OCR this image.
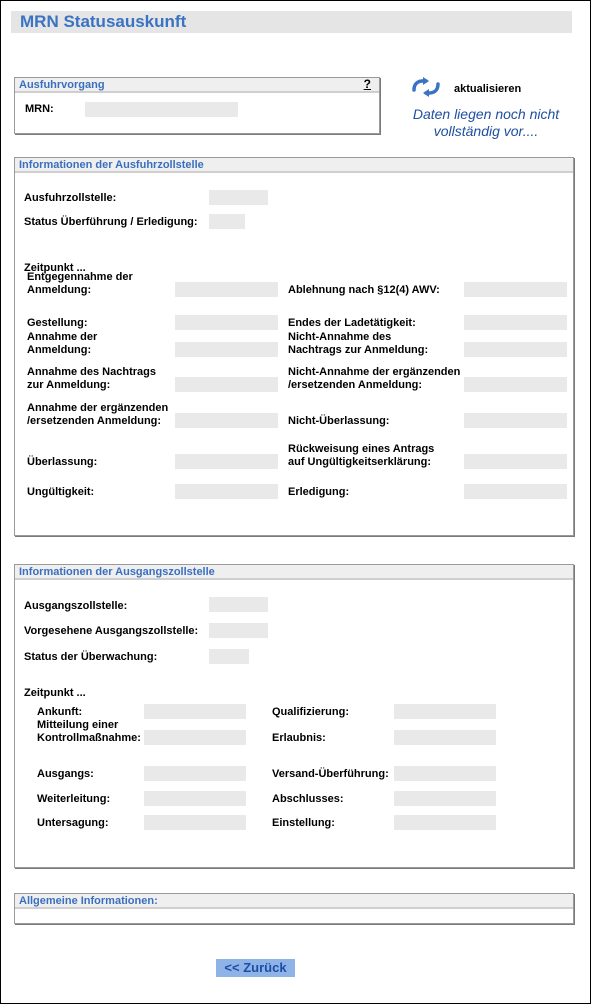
MRN Statusauskunft
Ausfuhrvorgang	?
MRN:
aktualisieren
Daten liegen noch nicht vollständig vor....
Informationen der Ausfuhrzollstelle
Ausfuhrzollstelle:
Status Überführung / Erledigung:
Zeitpunkt ...
Entgegennahme der
Anmeldung:
Gestellung:
Annahme der
Anmeldung:
Annahme des Nachtrags
zur Anmeldung:
Annahme der ergänzenden
/ersetzenden Anmeldung:
Überlassung:
Ungültigkeit:
Ablehnung nach §12(4) AWV:
Endes der Ladetätigkeit:
Nicht-Annahme des
Nachtrags zur Anmeldung:
Nicht-Annahme der ergänzenden
/ersetzenden Anmeldung:
Nicht-Überlassung:
Rückweisung eines Antrags
auf Ungültigkeitserklärung:
Erledigung:
Informationen der Ausgangszollstelle
Ausgangszollstelle:
Vorgesehene Ausgangszollstelle:
Status der Überwachung:
Zeitpunkt ...
Ankunft:
Mitteilung einer
Kontrollmaßnahme:
Ausgangs:
Weiterleitung:
Untersagung:
Qualifizierung:
Erlaubnis:
Versand-Überführung:
Abschlusses:
Einstellung:
Allgemeine Informationen:
<< Zurück
